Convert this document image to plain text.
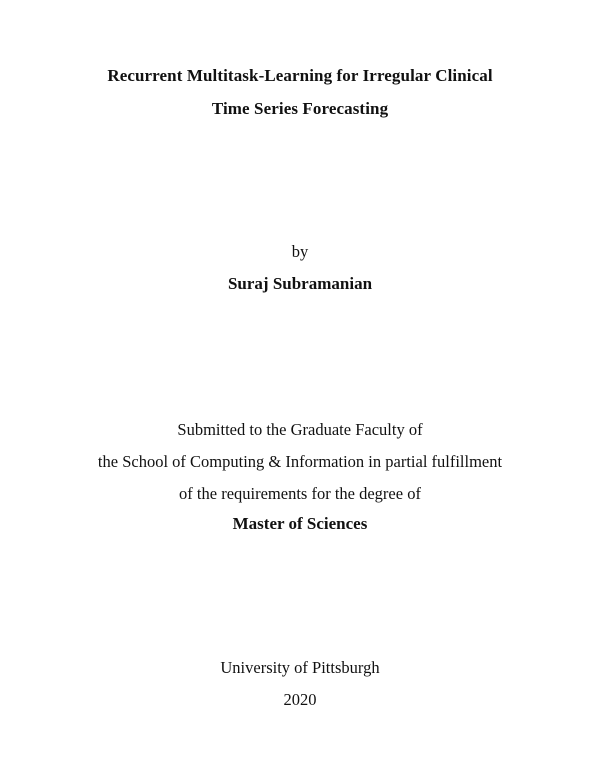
Recurrent Multitask-Learning for Irregular Clinical
Time Series Forecasting
by
Suraj Subramanian
Submitted to the Graduate Faculty of
the School of Computing & Information in partial fulfillment
of the requirements for the degree of
Master of Sciences
University of Pittsburgh
2020
